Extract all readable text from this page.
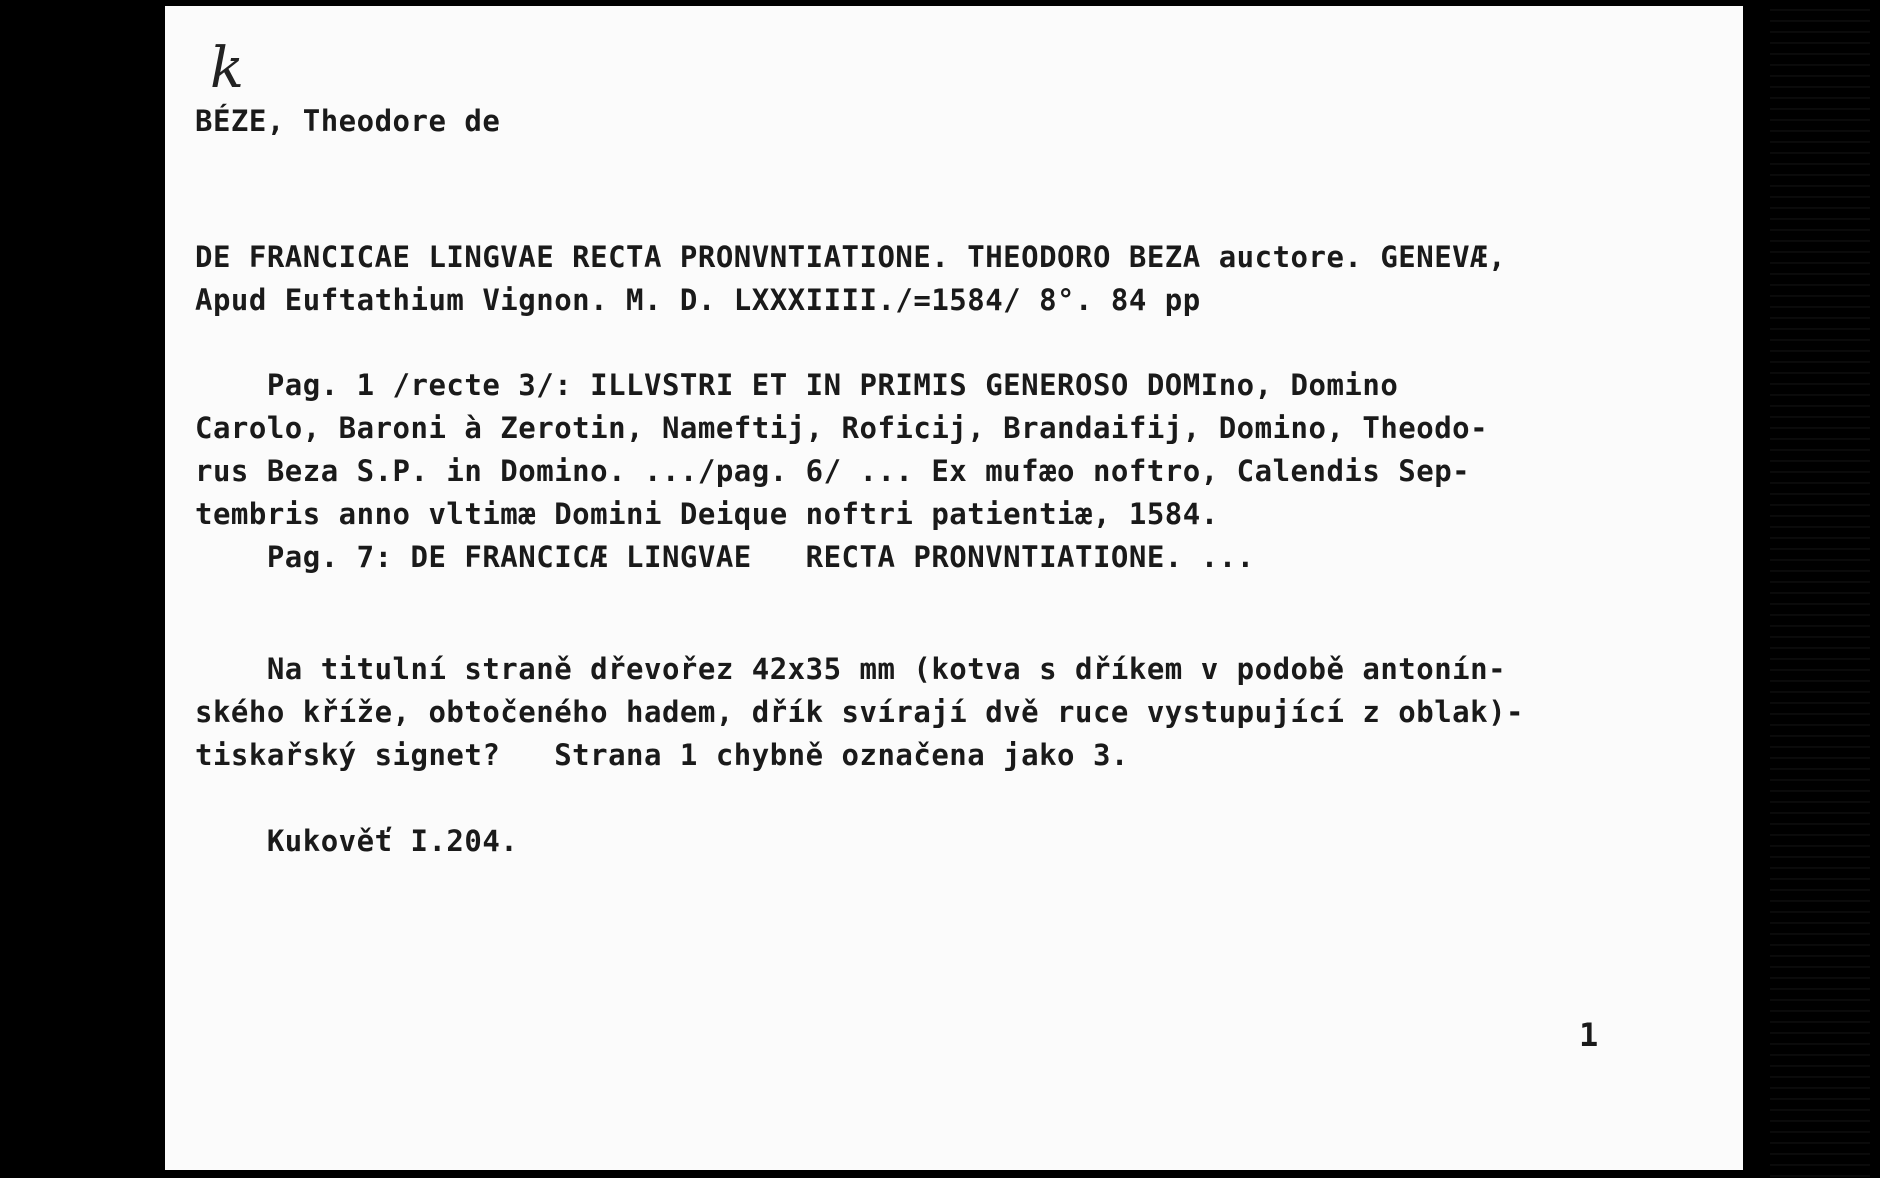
k
BÉZE, Theodore de
DE FRANCICAE LINGVAE RECTA PRONVNTIATIONE. THEODORO BEZA auctore. GENEVÆ,
Apud Euftathium Vignon. M. D. LXXXIIII./=1584/ 8°. 84 pp
Pag. 1 /recte 3/: ILLVSTRI ET IN PRIMIS GENEROSO DOMIno, Domino
Carolo, Baroni à Zerotin, Nameftij, Roficij, Brandaifij, Domino, Theodo-
rus Beza S.P. in Domino. .../pag. 6/ ... Ex mufæo noftro, Calendis Sep-
tembris anno vltimæ Domini Deique noftri patientiæ, 1584.
Pag. 7: DE FRANCICÆ LINGVAE   RECTA PRONVNTIATIONE. ...
Na titulní straně dřevořez 42x35 mm (kotva s dříkem v podobě antonín-
ského kříže, obtočeného hadem, dřík svírají dvě ruce vystupující z oblak)-
tiskařský signet?   Strana 1 chybně označena jako 3.
Kukověť I.204.
1
